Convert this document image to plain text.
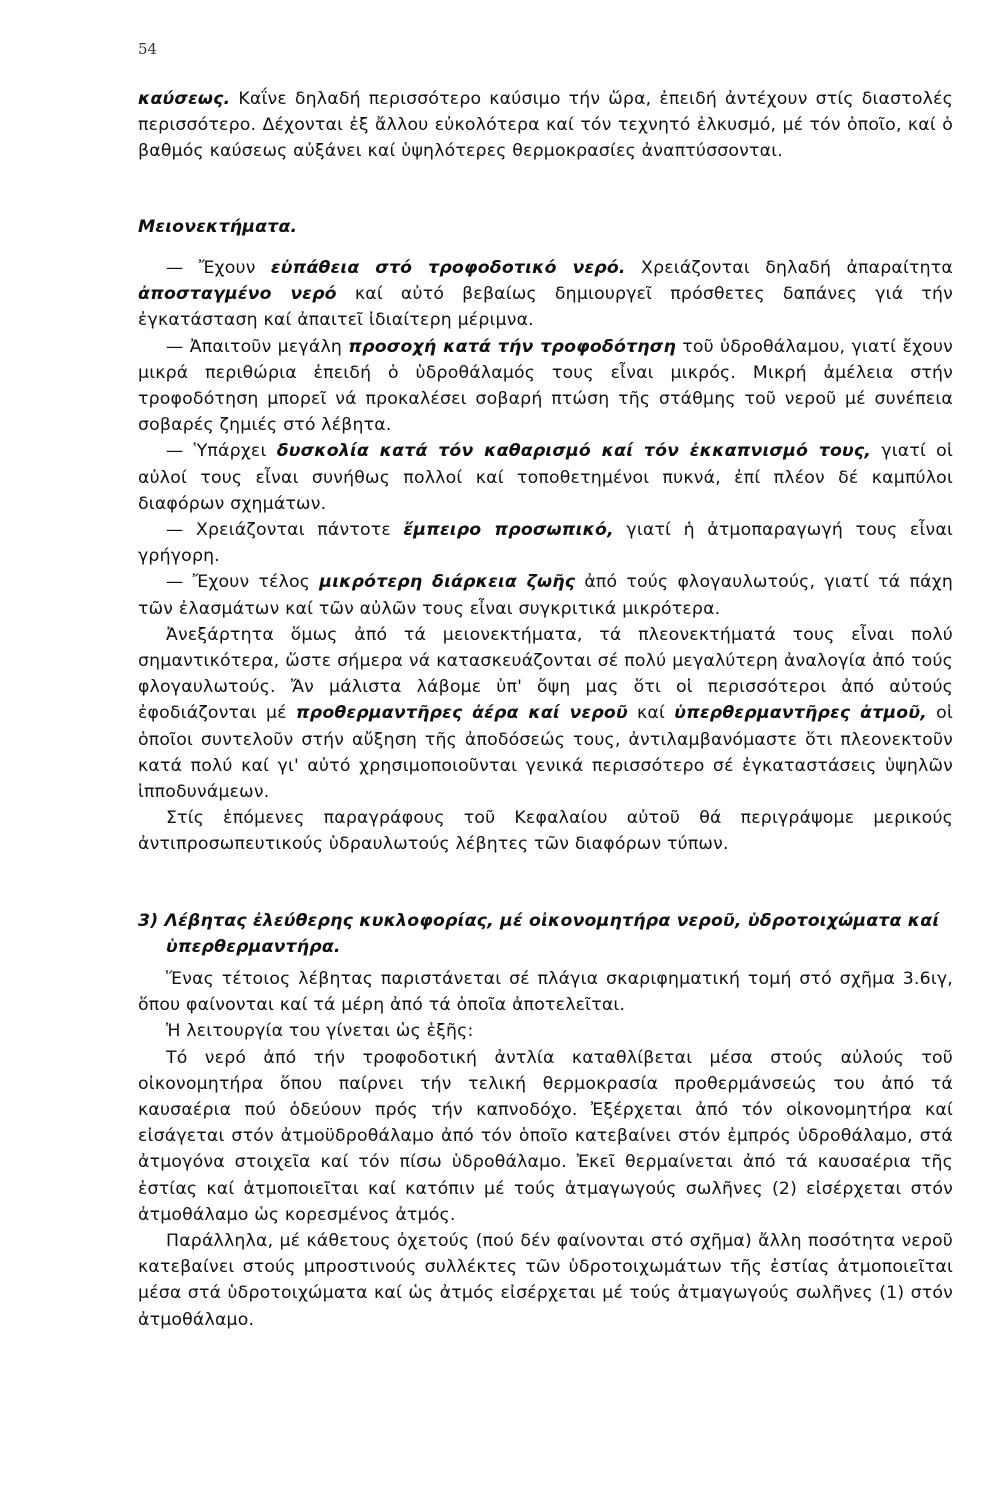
54

καύσεως. Καΐνε δηλαδή περισσότερο καύσιμο τήν ὥρα, ἐπειδή ἀντέχουν στίς διαστολές περισσότερο. Δέχονται ἐξ ἄλλου εὐκολότερα καί τόν τεχνητό ἑλκυσμό, μέ τόν ὁποῖο, καί ὁ βαθμός καύσεως αὐξάνει καί ὑψηλότερες θερμοκρασίες ἀναπτύσσονται.

Μειονεκτήματα.

— Ἔχουν εὐπάθεια στό τροφοδοτικό νερό. Χρειάζονται δηλαδή ἀπαραίτητα ἀποσταγμένο νερό καί αὐτό βεβαίως δημιουργεῖ πρόσθετες δαπάνες γιά τήν ἐγκατάσταση καί ἀπαιτεῖ ἰδιαίτερη μέριμνα.

— Ἀπαιτοῦν μεγάλη προσοχή κατά τήν τροφοδότηση τοῦ ὑδροθάλαμου, γιατί ἔχουν μικρά περιθώρια ἐπειδή ὁ ὑδροθάλαμός τους εἶναι μικρός. Μικρή ἀμέλεια στήν τροφοδότηση μπορεῖ νά προκαλέσει σοβαρή πτώση τῆς στάθμης τοῦ νεροῦ μέ συνέπεια σοβαρές ζημιές στό λέβητα.

— Ὑπάρχει δυσκολία κατά τόν καθαρισμό καί τόν ἐκκαπνισμό τους, γιατί οἱ αὐλοί τους εἶναι συνήθως πολλοί καί τοποθετημένοι πυκνά, ἐπί πλέον δέ καμπύλοι διαφόρων σχημάτων.

— Χρειάζονται πάντοτε ἔμπειρο προσωπικό, γιατί ἡ ἀτμοπαραγωγή τους εἶναι γρήγορη.

— Ἔχουν τέλος μικρότερη διάρκεια ζωῆς ἀπό τούς φλογαυλωτούς, γιατί τά πάχη τῶν ἐλασμάτων καί τῶν αὐλῶν τους εἶναι συγκριτικά μικρότερα.

Ἀνεξάρτητα ὅμως ἀπό τά μειονεκτήματα, τά πλεονεκτήματά τους εἶναι πολύ σημαντικότερα, ὥστε σήμερα νά κατασκευάζονται σέ πολύ μεγαλύτερη ἀναλογία ἀπό τούς φλογαυλωτούς. Ἄν μάλιστα λάβομε ὑπ' ὄψη μας ὅτι οἱ περισσότεροι ἀπό αὐτούς ἐφοδιάζονται μέ προθερμαντῆρες ἀέρα καί νεροῦ καί ὑπερθερμαντῆρες ἀτμοῦ, οἱ ὁποῖοι συντελοῦν στήν αὔξηση τῆς ἀποδόσεώς τους, ἀντιλαμβανόμαστε ὅτι πλεονεκτοῦν κατά πολύ καί γι' αὐτό χρησιμοποιοῦνται γενικά περισσότερο σέ ἐγκαταστάσεις ὑψηλῶν ἱπποδυνάμεων.

Στίς ἑπόμενες παραγράφους τοῦ Κεφαλαίου αὐτοῦ θά περιγράψομε μερικούς ἀντιπροσωπευτικούς ὑδραυλωτούς λέβητες τῶν διαφόρων τύπων.

3) Λέβητας ἐλεύθερης κυκλοφορίας, μέ οἰκονομητήρα νεροῦ, ὑδροτοιχώματα καί

ὑπερθερμαντήρα.

Ἕνας τέτοιος λέβητας παριστάνεται σέ πλάγια σκαριφηματική τομή στό σχῆμα 3.6ιγ, ὅπου φαίνονται καί τά μέρη ἀπό τά ὁποῖα ἀποτελεῖται.

Ἡ λειτουργία του γίνεται ὡς ἑξῆς:

Τό νερό ἀπό τήν τροφοδοτική ἀντλία καταθλίβεται μέσα στούς αὐλούς τοῦ οἰκονομητήρα ὅπου παίρνει τήν τελική θερμοκρασία προθερμάνσεώς του ἀπό τά καυσαέρια πού ὁδεύουν πρός τήν καπνοδόχο. Ἐξέρχεται ἀπό τόν οἰκονομητήρα καί εἰσάγεται στόν ἀτμοϋδροθάλαμο ἀπό τόν ὁποῖο κατεβαίνει στόν ἐμπρός ὑδροθάλαμο, στά ἀτμογόνα στοιχεῖα καί τόν πίσω ὑδροθάλαμο. Ἐκεῖ θερμαίνεται ἀπό τά καυσαέρια τῆς ἑστίας καί ἀτμοποιεῖται καί κατόπιν μέ τούς ἀτμαγωγούς σωλῆνες (2) εἰσέρχεται στόν ἀτμοθάλαμο ὡς κορεσμένος ἀτμός.

Παράλληλα, μέ κάθετους ὀχετούς (πού δέν φαίνονται στό σχῆμα) ἄλλη ποσότητα νεροῦ κατεβαίνει στούς μπροστινούς συλλέκτες τῶν ὑδροτοιχωμάτων τῆς ἑστίας ἀτμοποιεῖται μέσα στά ὑδροτοιχώματα καί ὡς ἀτμός εἰσέρχεται μέ τούς ἀτμαγωγούς σωλῆνες (1) στόν ἀτμοθάλαμο.
